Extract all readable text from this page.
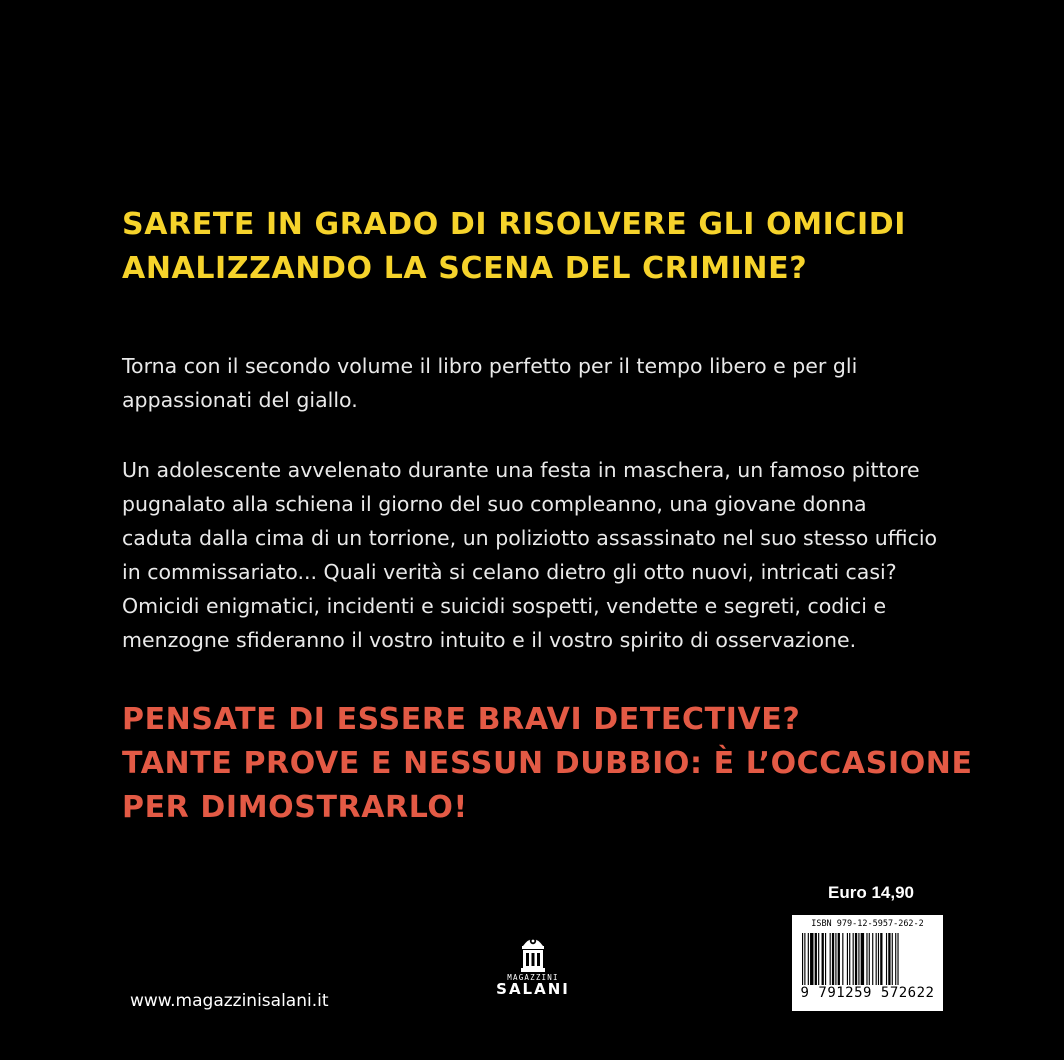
SARETE IN GRADO DI RISOLVERE GLI OMICIDI
ANALIZZANDO LA SCENA DEL CRIMINE?

Torna con il secondo volume il libro perfetto per il tempo libero e per gli
appassionati del giallo.

Un adolescente avvelenato durante una festa in maschera, un famoso pittore
pugnalato alla schiena il giorno del suo compleanno, una giovane donna
caduta dalla cima di un torrione, un poliziotto assassinato nel suo stesso ufficio
in commissariato... Quali verità si celano dietro gli otto nuovi, intricati casi?
Omicidi enigmatici, incidenti e suicidi sospetti, vendette e segreti, codici e
menzogne sfideranno il vostro intuito e il vostro spirito di osservazione.

PENSATE DI ESSERE BRAVI DETECTIVE?
TANTE PROVE E NESSUN DUBBIO: È L’OCCASIONE
PER DIMOSTRARLO!
Euro 14,90
www.magazzinisalani.it
MAGAZZINI
SALANI
ISBN 979-12-5957-262-2
9 791259 572622
